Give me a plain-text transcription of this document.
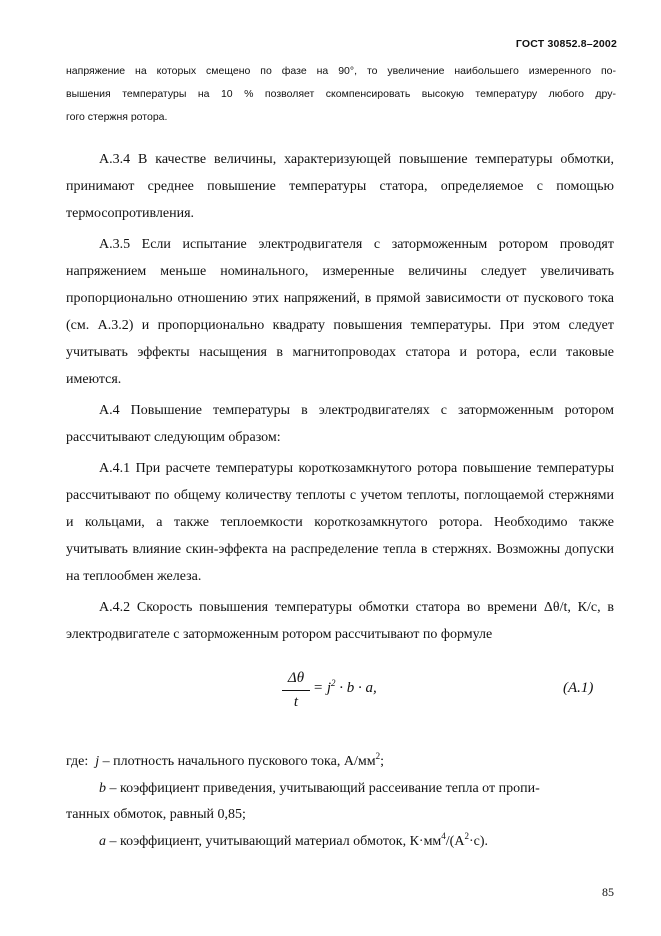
ГОСТ 30852.8–2002

напряжение на которых смещено по фазе на 90°, то увеличение наибольшего измеренного по-

вышения температуры на 10 % позволяет скомпенсировать высокую температуру любого дру-

гого стержня ротора.

А.3.4 В качестве величины, характеризующей повышение температуры обмотки, принимают среднее повышение температуры статора, определяемое с помощью термосопротивления.

А.3.5 Если испытание электродвигателя с заторможенным ротором проводят напряжением меньше номинального, измеренные величины следует увеличивать пропорционально отношению этих напряжений, в прямой зависимости от пускового тока (см. А.3.2) и пропорционально квадрату повышения температуры. При этом следует учитывать эффекты насыщения в магнитопроводах статора и ротора, если таковые имеются.

А.4 Повышение температуры в электродвигателях с заторможенным ротором рассчитывают следующим образом:

А.4.1 При расчете температуры короткозамкнутого ротора повышение температуры рассчитывают по общему количеству теплоты с учетом теплоты, поглощаемой стержнями и кольцами, а также теплоемкости короткозамкнутого ротора. Необходимо также учитывать влияние скин-эффекта на распределение тепла в стержнях. Возможны допуски на теплообмен железа.

А.4.2 Скорость повышения температуры обмотки статора во времени Δθ/t, К/с, в электродвигателе с заторможенным ротором рассчитывают по формуле

Δθ
t
= $j^2 \cdot b \cdot a$,	(А.1)

где:  j – плотность начального пускового тока, $А/мм^2$;

b – коэффициент приведения, учитывающий рассеивание тепла от пропи-

танных обмоток, равный 0,85;

a – коэффициент, учитывающий материал обмоток, $К\cdot мм^4/(А^2\cdot с)$.

85
